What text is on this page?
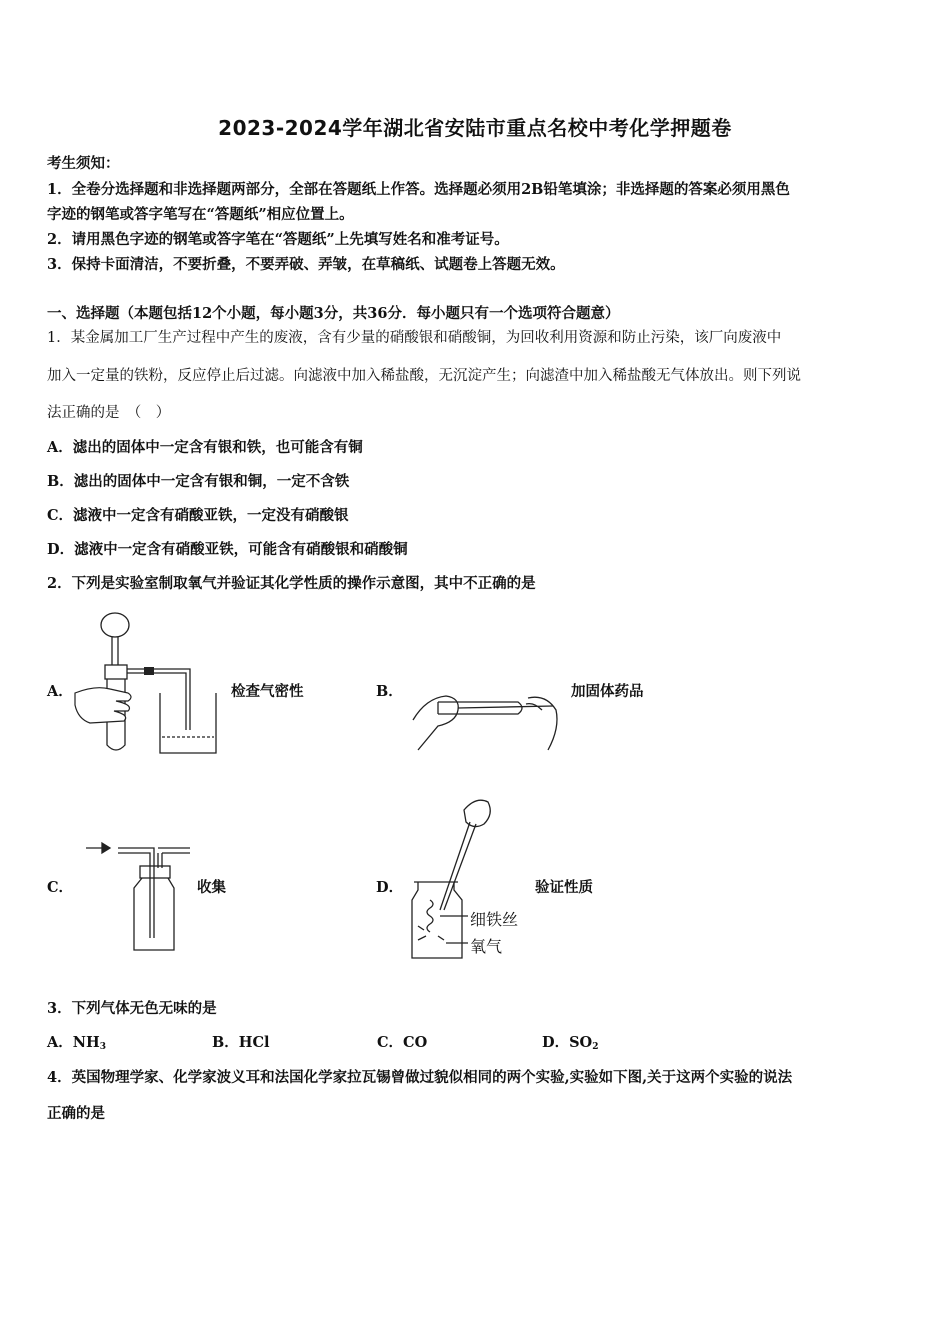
2023-2024学年湖北省安陆市重点名校中考化学押题卷
考生须知：
1．全卷分选择题和非选择题两部分，全部在答题纸上作答。选择题必须用2B铅笔填涂；非选择题的答案必须用黑色
字迹的钢笔或答字笔写在“答题纸”相应位置上。
2．请用黑色字迹的钢笔或答字笔在“答题纸”上先填写姓名和准考证号。
3．保持卡面清洁，不要折叠，不要弄破、弄皱，在草稿纸、试题卷上答题无效。
一、选择题（本题包括12个小题，每小题3分，共36分．每小题只有一个选项符合题意）
1．某金属加工厂生产过程中产生的废液，含有少量的硝酸银和硝酸铜，为回收利用资源和防止污染，该厂向废液中
加入一定量的铁粉，反应停止后过滤。向滤液中加入稀盐酸，无沉淀产生；向滤渣中加入稀盐酸无气体放出。则下列说
法正确的是　（　）
A．滤出的固体中一定含有银和铁，也可能含有铜
B．滤出的固体中一定含有银和铜，一定不含铁
C．滤液中一定含有硝酸亚铁，一定没有硝酸银
D．滤液中一定含有硝酸亚铁，可能含有硝酸银和硝酸铜
2．下列是实验室制取氧气并验证其化学性质的操作示意图，其中不正确的是
A．	检查气密性	B．	加固体药品
C．	收集	D．
细铁丝
氧气
验证性质
3．下列气体无色无味的是
A．$NH_3$	B．HCl	C．CO	D．$SO_2$
4．英国物理学家、化学家波义耳和法国化学家拉瓦锡曾做过貌似相同的两个实验,实验如下图,关于这两个实验的说法
正确的是
